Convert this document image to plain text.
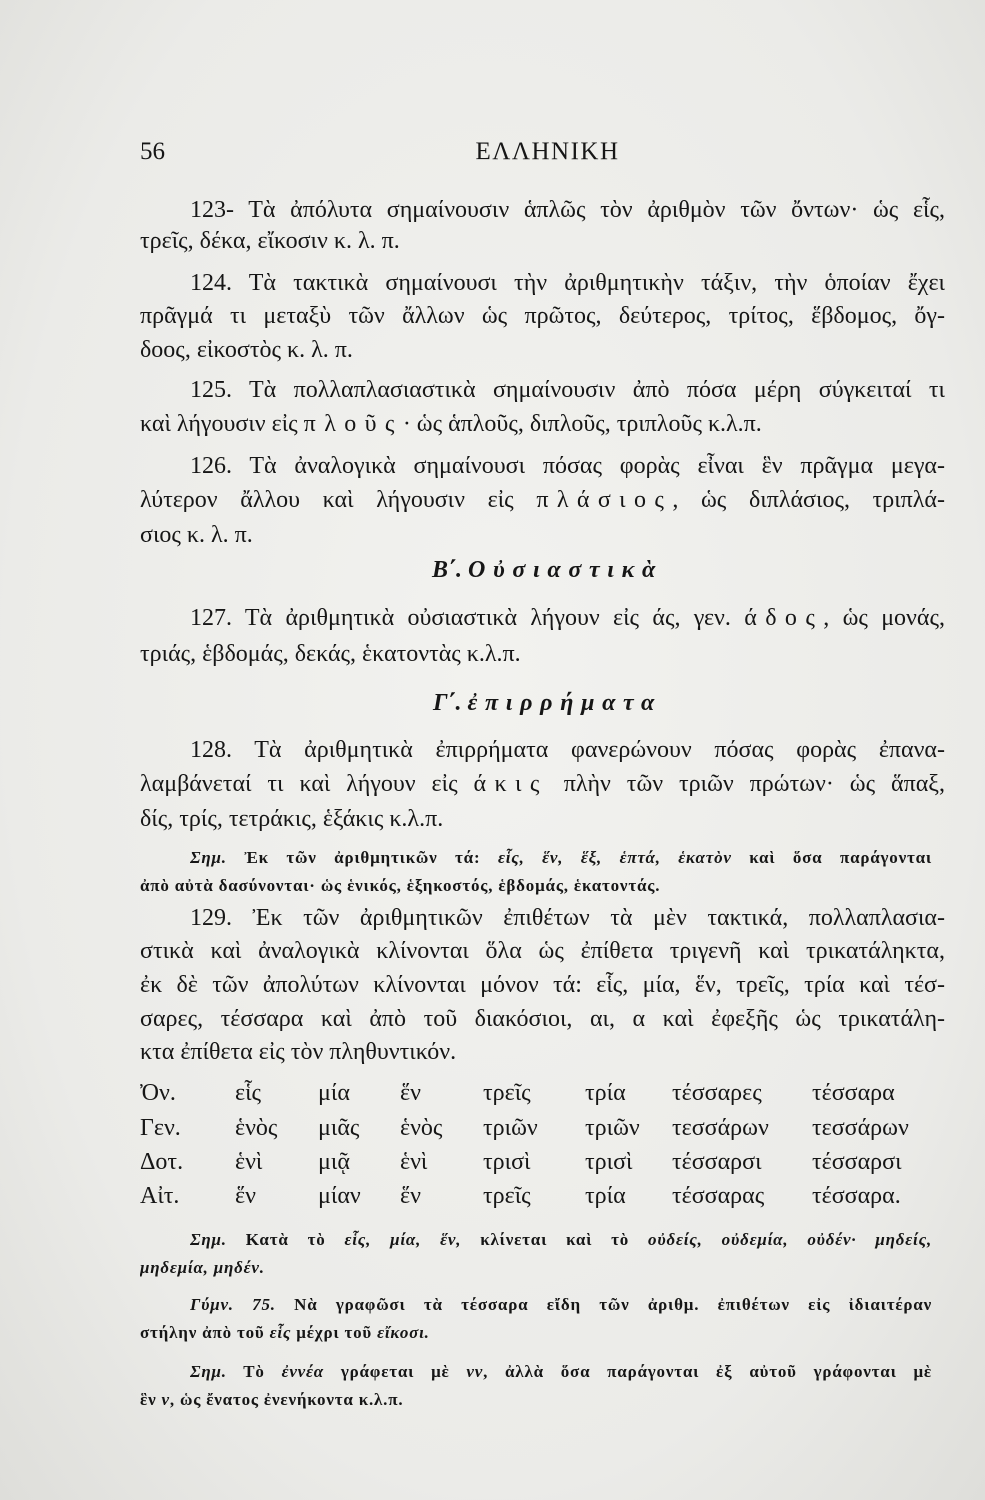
56	ΕΛΛΗΝΙΚΗ
123- Τὰ ἀπόλυτα σημαίνουσιν ἁπλῶς τὸν ἀριθμὸν τῶν ὄντων· ὡς εἷς,
τρεῖς, δέκα, εἴκοσιν κ. λ. π.
124. Τὰ τακτικὰ σημαίνουσι τὴν ἀριθμητικὴν τάξιν, τὴν ὁποίαν ἔχει
πρᾶγμά τι μεταξὺ τῶν ἄλλων ὡς πρῶτος, δεύτερος, τρίτος, ἕβδομος, ὄγ-
δοος, εἰκοστὸς κ. λ. π.
125. Τὰ πολλαπλασιαστικὰ σημαίνουσιν ἀπὸ πόσα μέρη σύγκειταί τι
καὶ λήγουσιν εἰς πλοῦς· ὡς ἁπλοῦς, διπλοῦς, τριπλοῦς κ.λ.π.
126. Τὰ ἀναλογικὰ σημαίνουσι πόσας φορὰς εἶναι ἓν πρᾶγμα μεγα-
λύτερον ἄλλου καὶ λήγουσιν εἰς πλάσιος, ὡς διπλάσιος, τριπλά-
σιος κ. λ. π.
Β΄. Οὐσιαστικὰ
127. Τὰ ἀριθμητικὰ οὐσιαστικὰ λήγουν εἰς άς, γεν. άδος, ὡς μονάς,
τριάς, ἑβδομάς, δεκάς, ἑκατοντὰς κ.λ.π.
Γ΄. ἐπιρρήματα
128. Τὰ ἀριθμητικὰ ἐπιρρήματα φανερώνουν πόσας φορὰς ἐπανα-
λαμβάνεταί τι καὶ λήγουν εἰς άκις πλὴν τῶν τριῶν πρώτων· ὡς ἅπαξ,
δίς, τρίς, τετράκις, ἑξάκις κ.λ.π.
Σημ. Ἐκ τῶν ἀριθμητικῶν τά: εἷς, ἕν, ἕξ, ἑπτά, ἑκατὸν καὶ ὅσα παράγονται
ἀπὸ αὐτὰ δασύνονται· ὡς ἑνικός, ἑξηκοστός, ἑβδομάς, ἑκατοντάς.
129. Ἐκ τῶν ἀριθμητικῶν ἐπιθέτων τὰ μὲν τακτικά, πολλαπλασια-
στικὰ καὶ ἀναλογικὰ κλίνονται ὅλα ὡς ἐπίθετα τριγενῆ καὶ τρικατάληκτα,
ἐκ δὲ τῶν ἀπολύτων κλίνονται μόνον τά: εἷς, μία, ἕν, τρεῖς, τρία καὶ τέσ-
σαρες, τέσσαρα καὶ ἀπὸ τοῦ διακόσιοι, αι, α καὶ ἐφεξῆς ὡς τρικατάλη-
κτα ἐπίθετα εἰς τὸν πληθυντικόν.
Ὀν.	εἷς	μία	ἕν	τρεῖς	τρία	τέσσαρες	τέσσαρα
Γεν.	ἑνὸς	μιᾶς	ἑνὸς	τριῶν	τριῶν	τεσσάρων	τεσσάρων
Δοτ.	ἑνὶ	μιᾷ	ἑνὶ	τρισὶ	τρισὶ	τέσσαρσι	τέσσαρσι
Αἰτ.	ἕν	μίαν	ἕν	τρεῖς	τρία	τέσσαρας	τέσσαρα.
Σημ. Κατὰ τὸ εἷς, μία, ἕν, κλίνεται καὶ τὸ οὐδείς, οὐδεμία, οὐδέν· μηδείς,
μηδεμία, μηδέν.
Γύμν. 75. Νὰ γραφῶσι τὰ τέσσαρα εἴδη τῶν ἀριθμ. ἐπιθέτων εἰς ἰδιαιτέραν
στήλην ἀπὸ τοῦ εἷς μέχρι τοῦ εἴκοσι.
Σημ. Τὸ ἐννέα γράφεται μὲ νν, ἀλλὰ ὅσα παράγονται ἐξ αὐτοῦ γράφονται μὲ
ἓν ν, ὡς ἔνατος ἐνενήκοντα κ.λ.π.
